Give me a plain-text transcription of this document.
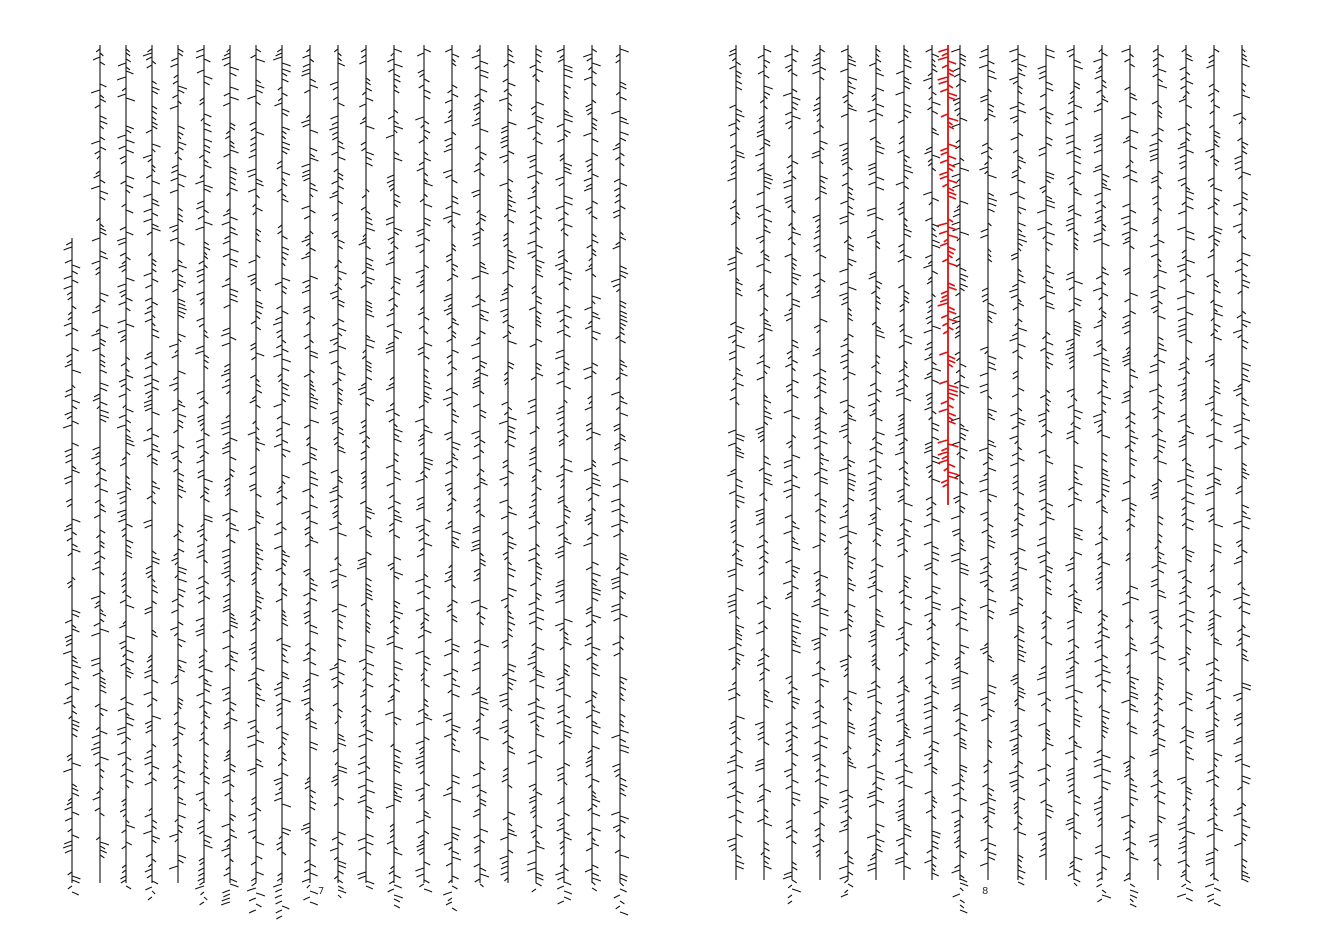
7	8
